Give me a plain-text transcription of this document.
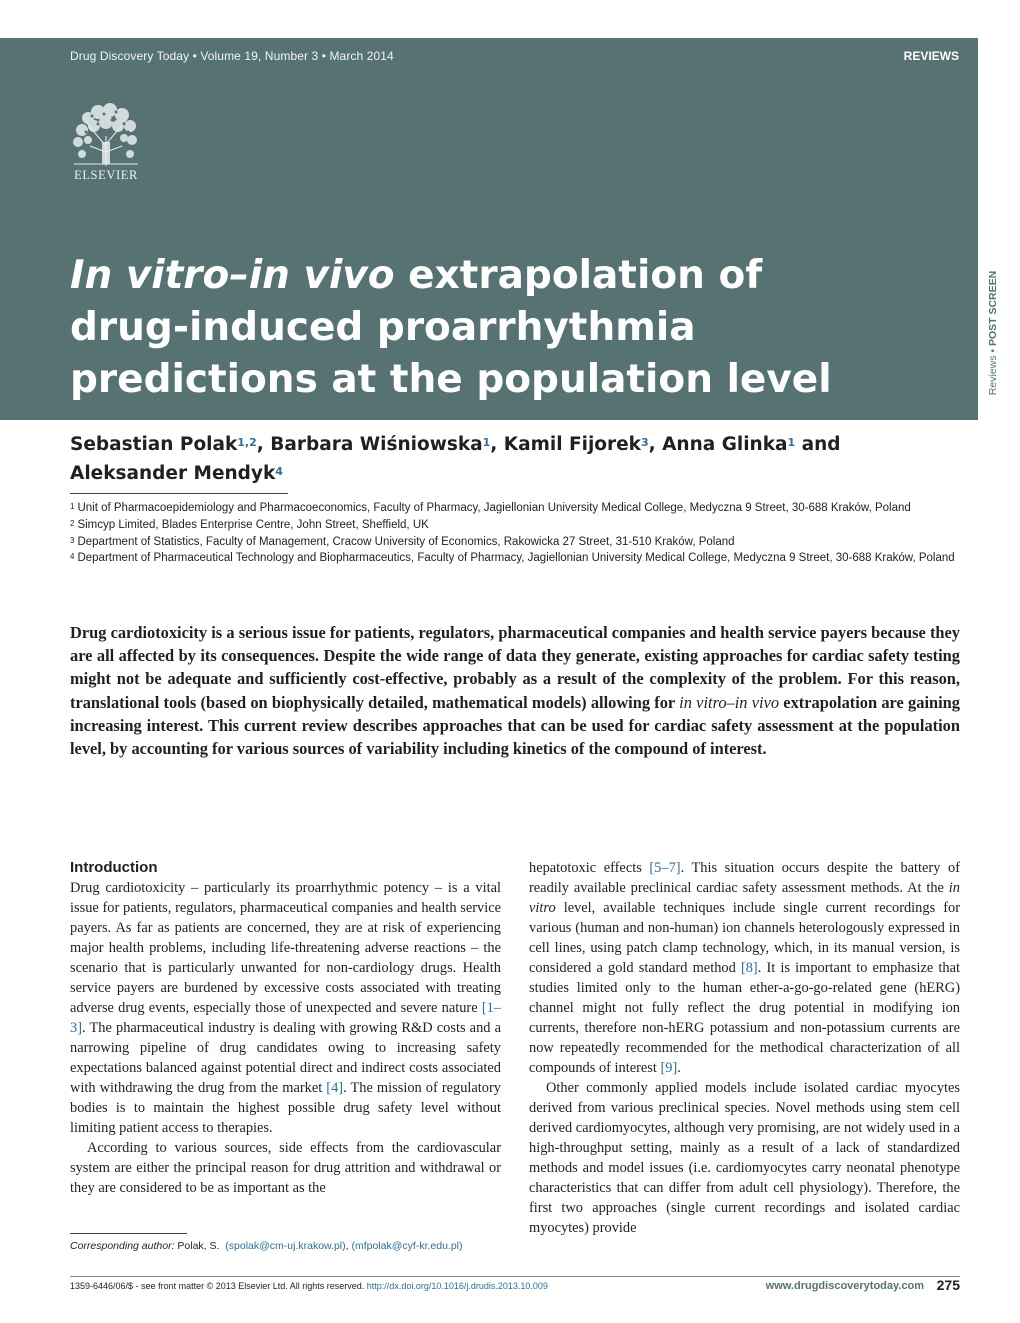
Drug Discovery Today • Volume 19, Number 3 • March 2014	REVIEWS
ELSEVIER
In vitro–in vivo extrapolation of
drug-induced proarrhythmia
predictions at the population level	Reviews • POST SCREEN
Sebastian Polak$^{1,2}$, Barbara Wiśniowska$^1$, Kamil Fijorek$^3$, Anna Glinka$^1$ and
Aleksander Mendyk$^4$
$^1$ Unit of Pharmacoepidemiology and Pharmacoeconomics, Faculty of Pharmacy, Jagiellonian University Medical College, Medyczna 9 Street, 30-688 Kraków, Poland
$^2$ Simcyp Limited, Blades Enterprise Centre, John Street, Sheffield, UK
$^3$ Department of Statistics, Faculty of Management, Cracow University of Economics, Rakowicka 27 Street, 31-510 Kraków, Poland
$^4$ Department of Pharmaceutical Technology and Biopharmaceutics, Faculty of Pharmacy, Jagiellonian University Medical College, Medyczna 9 Street, 30-688 Kraków, Poland

Drug cardiotoxicity is a serious issue for patients, regulators, pharmaceutical companies and health service payers because they are all affected by its consequences. Despite the wide range of data they generate, existing approaches for cardiac safety testing might not be adequate and sufficiently cost-effective, probably as a result of the complexity of the problem. For this reason, translational tools (based on biophysically detailed, mathematical models) allowing for in vitro–in vivo extrapolation are gaining increasing interest. This current review describes approaches that can be used for cardiac safety assessment at the population level, by accounting for various sources of variability including kinetics of the compound of interest.

Introduction

Drug cardiotoxicity – particularly its proarrhythmic potency – is a vital issue for patients, regulators, pharmaceutical companies and health service payers. As far as patients are concerned, they are at risk of experiencing major health problems, including life-threatening adverse reactions – the scenario that is particularly unwanted for non-cardiology drugs. Health service payers are burdened by excessive costs associated with treating adverse drug events, especially those of unexpected and severe nature [1–3]. The pharmaceutical industry is dealing with growing R&D costs and a narrowing pipeline of drug candidates owing to increasing safety expectations balanced against potential direct and indirect costs associated with withdrawing the drug from the market [4]. The mission of regulatory bodies is to maintain the highest possible drug safety level without limiting patient access to therapies.

According to various sources, side effects from the cardiovascular system are either the principal reason for drug attrition and withdrawal or they are considered to be as important as the

hepatotoxic effects [5–7]. This situation occurs despite the battery of readily available preclinical cardiac safety assessment methods. At the in vitro level, available techniques include single current recordings for various (human and non-human) ion channels heterologously expressed in cell lines, using patch clamp technology, which, in its manual version, is considered a gold standard method [8]. It is important to emphasize that studies limited only to the human ether-a-go-go-related gene (hERG) channel might not fully reflect the drug potential in modifying ion currents, therefore non-hERG potassium and non-potassium currents are now repeatedly recommended for the methodical characterization of all compounds of interest [9].

Other commonly applied models include isolated cardiac myocytes derived from various preclinical species. Novel methods using stem cell derived cardiomyocytes, although very promising, are not widely used in a high-throughput setting, mainly as a result of a lack of standardized methods and model issues (i.e. cardiomyocytes carry neonatal phenotype characteristics that can differ from adult cell physiology). Therefore, the first two approaches (single current recordings and isolated cardiac myocytes) provide

Corresponding author: Polak, S. (spolak@cm-uj.krakow.pl), (mfpolak@cyf-kr.edu.pl)
1359-6446/06/$ - see front matter © 2013 Elsevier Ltd. All rights reserved. http://dx.doi.org/10.1016/j.drudis.2013.10.009	www.drugdiscoverytoday.com 275
